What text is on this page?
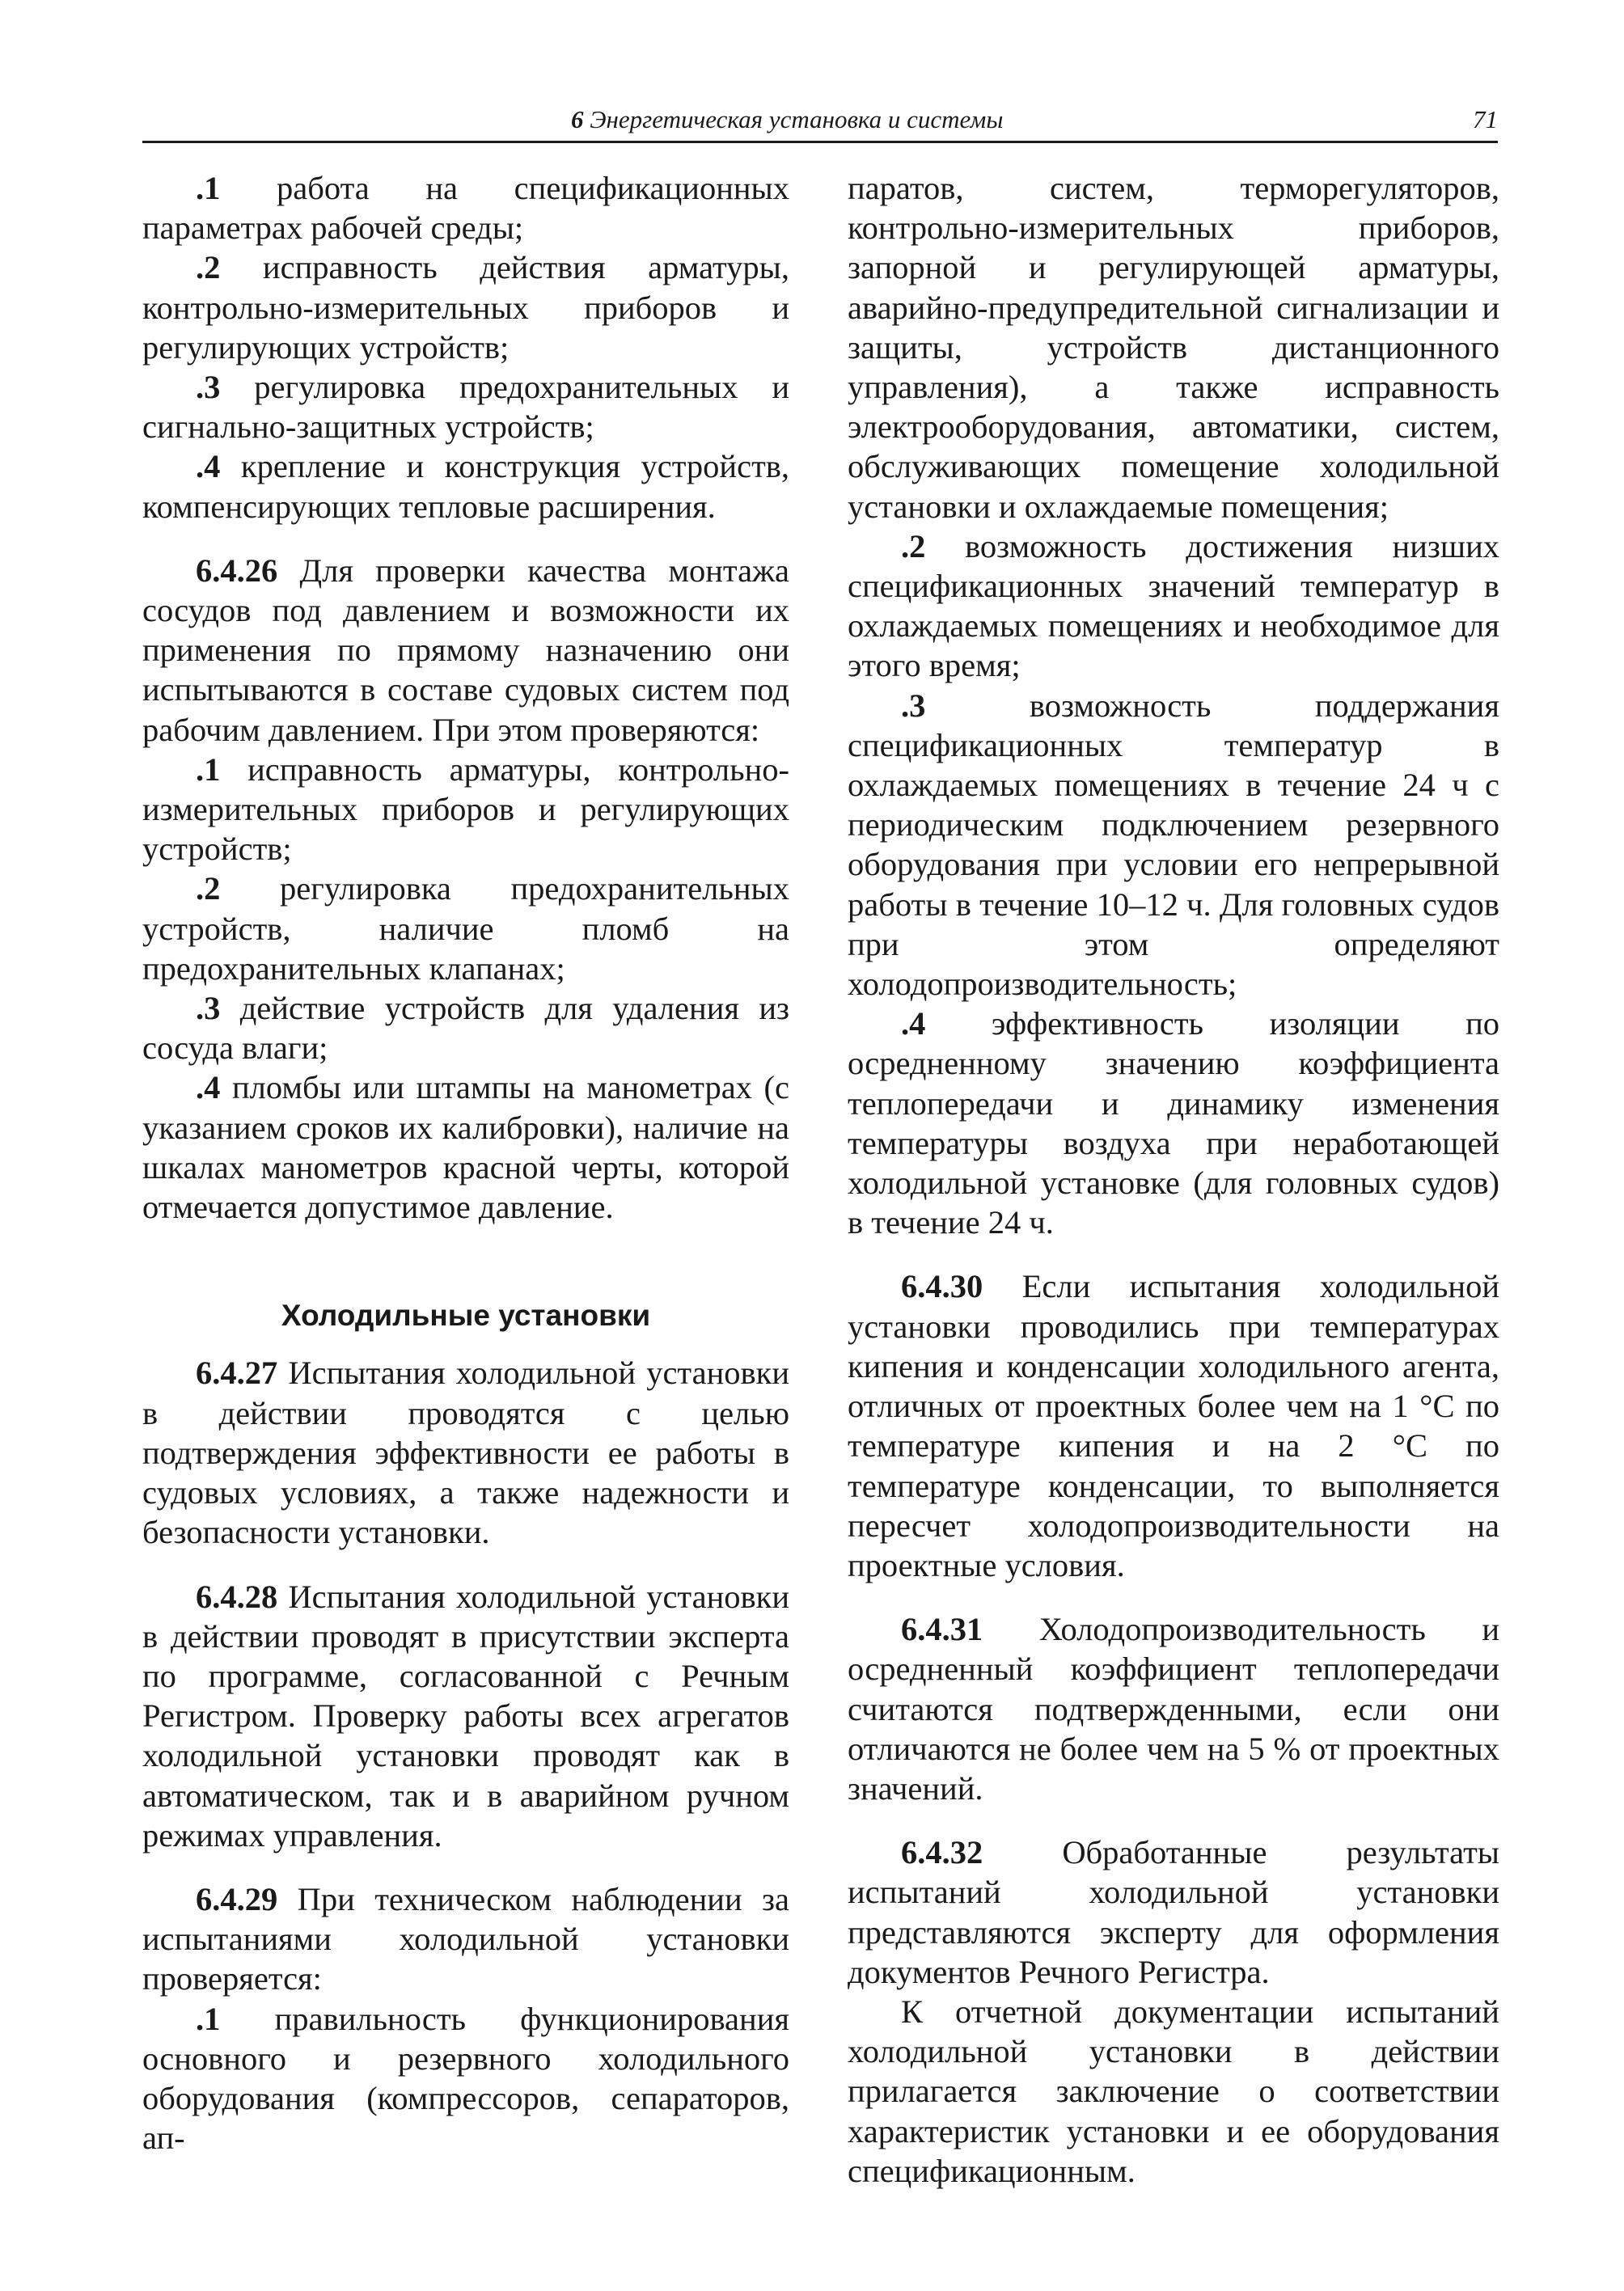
6 Энергетическая установка и системы	71

.1 работа на спецификационных параметрах рабочей среды;

.2 исправность действия арматуры, контрольно-измерительных приборов и регулирующих устройств;

.3 регулировка предохранительных и сигнально-защитных устройств;

.4 крепление и конструкция устройств, компенсирующих тепловые расширения.

6.4.26 Для проверки качества монтажа сосудов под давлением и возможности их применения по прямому назначению они испытываются в составе судовых систем под рабочим давлением. При этом проверяются:

.1 исправность арматуры, контрольно-измерительных приборов и регулирующих устройств;

.2 регулировка предохранительных устройств, наличие пломб на предохранительных клапанах;

.3 действие устройств для удаления из сосуда влаги;

.4 пломбы или штампы на манометрах (с указанием сроков их калибровки), наличие на шкалах манометров красной черты, которой отмечается допустимое давление.

Холодильные установки

6.4.27 Испытания холодильной установки в действии проводятся с целью подтверждения эффективности ее работы в судовых условиях, а также надежности и безопасности установки.

6.4.28 Испытания холодильной установки в действии проводят в присутствии эксперта по программе, согласованной с Речным Регистром. Проверку работы всех агрегатов холодильной установки проводят как в автоматическом, так и в аварийном ручном режимах управления.

6.4.29 При техническом наблюдении за испытаниями холодильной установки проверяется:

.1 правильность функционирования основного и резервного холодильного оборудования (компрессоров, сепараторов, ап-

паратов, систем, терморегуляторов, контрольно-измерительных приборов, запорной и регулирующей арматуры, аварийно-предупредительной сигнализации и защиты, устройств дистанционного управления), а также исправность электрооборудования, автоматики, систем, обслуживающих помещение холодильной установки и охлаждаемые помещения;

.2 возможность достижения низших спецификационных значений температур в охлаждаемых помещениях и необходимое для этого время;

.3	возможность поддержания спецификационных температур в охлаждаемых помещениях в течение 24 ч с периодическим подключением резервного оборудования при условии его непрерывной работы в течение 10–12 ч. Для головных судов при этом определяют холодопроизводительность;

.4 эффективность изоляции по осредненному значению коэффициента теплопередачи и динамику изменения температуры воздуха при неработающей холодильной установке (для головных судов) в течение 24 ч.

6.4.30 Если испытания холодильной установки проводились при температурах кипения и конденсации холодильного агента, отличных от проектных более чем на 1 °С по температуре кипения и на 2 °С по температуре конденсации, то выполняется пересчет холодопроизводительности на проектные условия.

6.4.31 Холодопроизводительность и осредненный коэффициент теплопередачи считаются подтвержденными, если они отличаются не более чем на 5 % от проектных значений.

6.4.32 Обработанные результаты испытаний холодильной установки представляются эксперту для оформления документов Речного Регистра.

К отчетной документации испытаний холодильной установки в действии прилагается заключение о соответствии характеристик установки и ее оборудования спецификационным.
